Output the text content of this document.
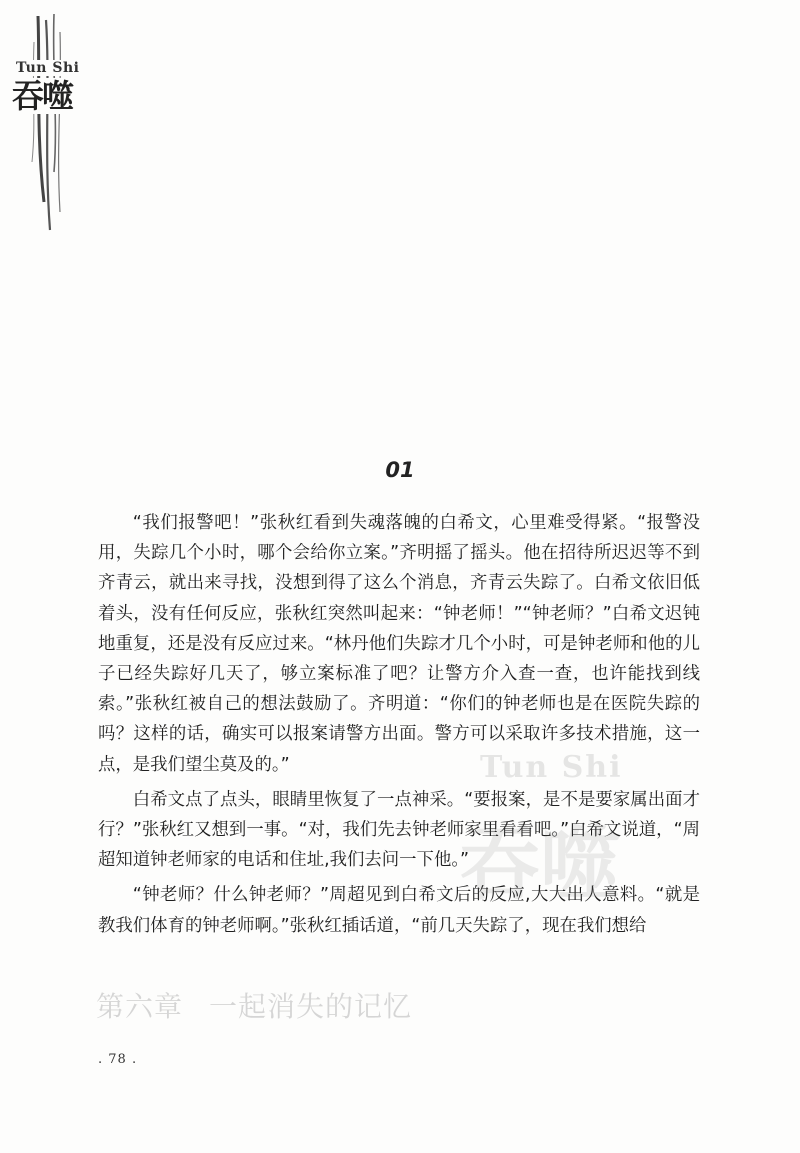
Tun Shi
吞噬
01

“我们报警吧！”张秋红看到失魂落魄的白希文，心里难受得紧。“报警没用，失踪几个小时，哪个会给你立案。”齐明摇了摇头。他在招待所迟迟等不到齐青云，就出来寻找，没想到得了这么个消息，齐青云失踪了。白希文依旧低着头，没有任何反应，张秋红突然叫起来：“钟老师！”“钟老师？”白希文迟钝地重复，还是没有反应过来。“林丹他们失踪才几个小时，可是钟老师和他的儿子已经失踪好几天了，够立案标准了吧？让警方介入查一查，也许能找到线索。”张秋红被自己的想法鼓励了。齐明道：“你们的钟老师也是在医院失踪的吗？这样的话，确实可以报案请警方出面。警方可以采取许多技术措施，这一点，是我们望尘莫及的。”

白希文点了点头，眼睛里恢复了一点神采。“要报案，是不是要家属出面才行？”张秋红又想到一事。“对，我们先去钟老师家里看看吧。”白希文说道，“周超知道钟老师家的电话和住址,我们去问一下他。”

“钟老师？什么钟老师？”周超见到白希文后的反应,大大出人意料。“就是教我们体育的钟老师啊。”张秋红插话道，“前几天失踪了，现在我们想给

Tun Shi
吞噬
第六章 一起消失的记忆
. 78 .
